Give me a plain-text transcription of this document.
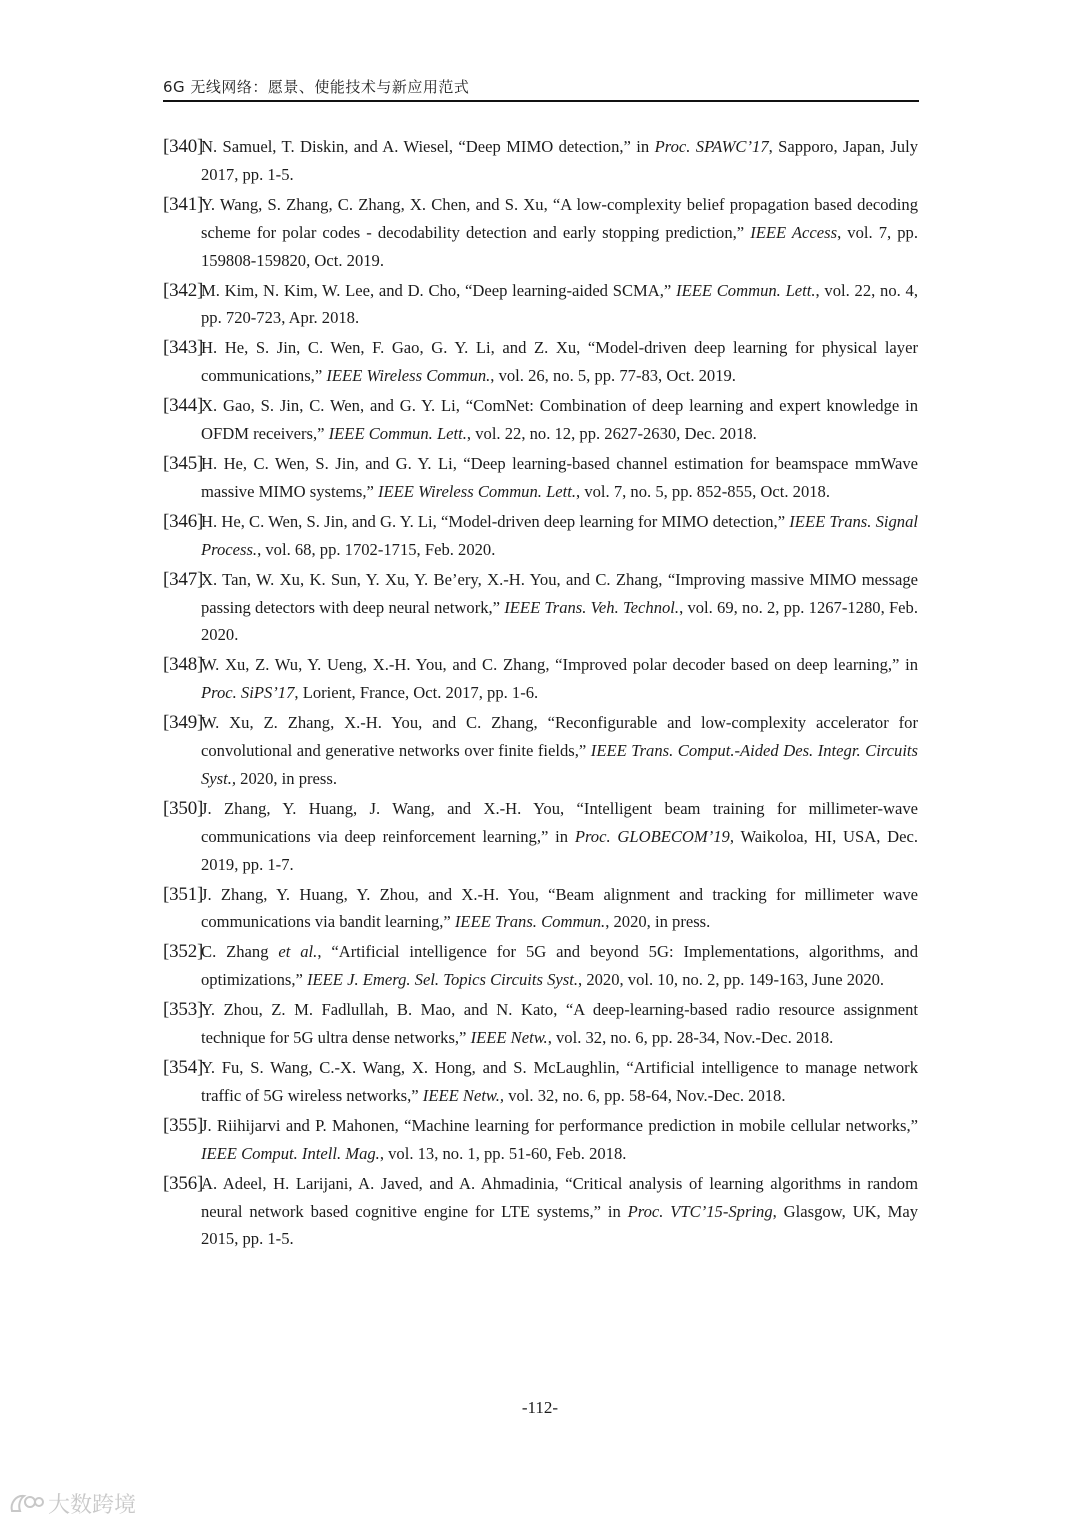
6G 无线网络：愿景、使能技术与新应用范式
[340]
N. Samuel, T. Diskin, and A. Wiesel, “Deep MIMO detection,” in Proc. SPAWC’17, Sapporo, Japan, July 2017, pp. 1-5.
[341]
Y. Wang, S. Zhang, C. Zhang, X. Chen, and S. Xu, “A low-complexity belief propagation based decoding scheme for polar codes - decodability detection and early stopping prediction,” IEEE Access, vol. 7, pp. 159808-159820, Oct. 2019.
[342]
M. Kim, N. Kim, W. Lee, and D. Cho, “Deep learning-aided SCMA,” IEEE Commun. Lett., vol. 22, no. 4, pp. 720-723, Apr. 2018.
[343]
H. He, S. Jin, C. Wen, F. Gao, G. Y. Li, and Z. Xu, “Model-driven deep learning for physical layer communications,” IEEE Wireless Commun., vol. 26, no. 5, pp. 77-83, Oct. 2019.
[344]
X. Gao, S. Jin, C. Wen, and G. Y. Li, “ComNet: Combination of deep learning and expert knowledge in OFDM receivers,” IEEE Commun. Lett., vol. 22, no. 12, pp. 2627-2630, Dec. 2018.
[345]
H. He, C. Wen, S. Jin, and G. Y. Li, “Deep learning-based channel estimation for beamspace mmWave massive MIMO systems,” IEEE Wireless Commun. Lett., vol. 7, no. 5, pp. 852-855, Oct. 2018.
[346]
H. He, C. Wen, S. Jin, and G. Y. Li, “Model-driven deep learning for MIMO detection,” IEEE Trans. Signal Process., vol. 68, pp. 1702-1715, Feb. 2020.
[347]
X. Tan, W. Xu, K. Sun, Y. Xu, Y. Be’ery, X.-H. You, and C. Zhang, “Improving massive MIMO message passing detectors with deep neural network,” IEEE Trans. Veh. Technol., vol. 69, no. 2, pp. 1267-1280, Feb. 2020.
[348]
W. Xu, Z. Wu, Y. Ueng, X.-H. You, and C. Zhang, “Improved polar decoder based on deep learning,” in Proc. SiPS’17, Lorient, France, Oct. 2017, pp. 1-6.
[349]
W. Xu, Z. Zhang, X.-H. You, and C. Zhang, “Reconfigurable and low-complexity accelerator for convolutional and generative networks over finite fields,” IEEE Trans. Comput.-Aided Des. Integr. Circuits Syst., 2020, in press.
[350]
J. Zhang, Y. Huang, J. Wang, and X.-H. You, “Intelligent beam training for millimeter-wave communications via deep reinforcement learning,” in Proc. GLOBECOM’19, Waikoloa, HI, USA, Dec. 2019, pp. 1-7.
[351]
J. Zhang, Y. Huang, Y. Zhou, and X.-H. You, “Beam alignment and tracking for millimeter wave communications via bandit learning,” IEEE Trans. Commun., 2020, in press.
[352]
C. Zhang et al., “Artificial intelligence for 5G and beyond 5G: Implementations, algorithms, and optimizations,” IEEE J. Emerg. Sel. Topics Circuits Syst., 2020, vol. 10, no. 2, pp. 149-163, June 2020.
[353]
Y. Zhou, Z. M. Fadlullah, B. Mao, and N. Kato, “A deep-learning-based radio resource assignment technique for 5G ultra dense networks,” IEEE Netw., vol. 32, no. 6, pp. 28-34, Nov.-Dec. 2018.
[354]
Y. Fu, S. Wang, C.-X. Wang, X. Hong, and S. McLaughlin, “Artificial intelligence to manage network traffic of 5G wireless networks,” IEEE Netw., vol. 32, no. 6, pp. 58-64, Nov.-Dec. 2018.
[355]
J. Riihijarvi and P. Mahonen, “Machine learning for performance prediction in mobile cellular networks,” IEEE Comput. Intell. Mag., vol. 13, no. 1, pp. 51-60, Feb. 2018.
[356]
A. Adeel, H. Larijani, A. Javed, and A. Ahmadinia, “Critical analysis of learning algorithms in random neural network based cognitive engine for LTE systems,” in Proc. VTC’15-Spring, Glasgow, UK, May 2015, pp. 1-5.
-112-
大数跨境
